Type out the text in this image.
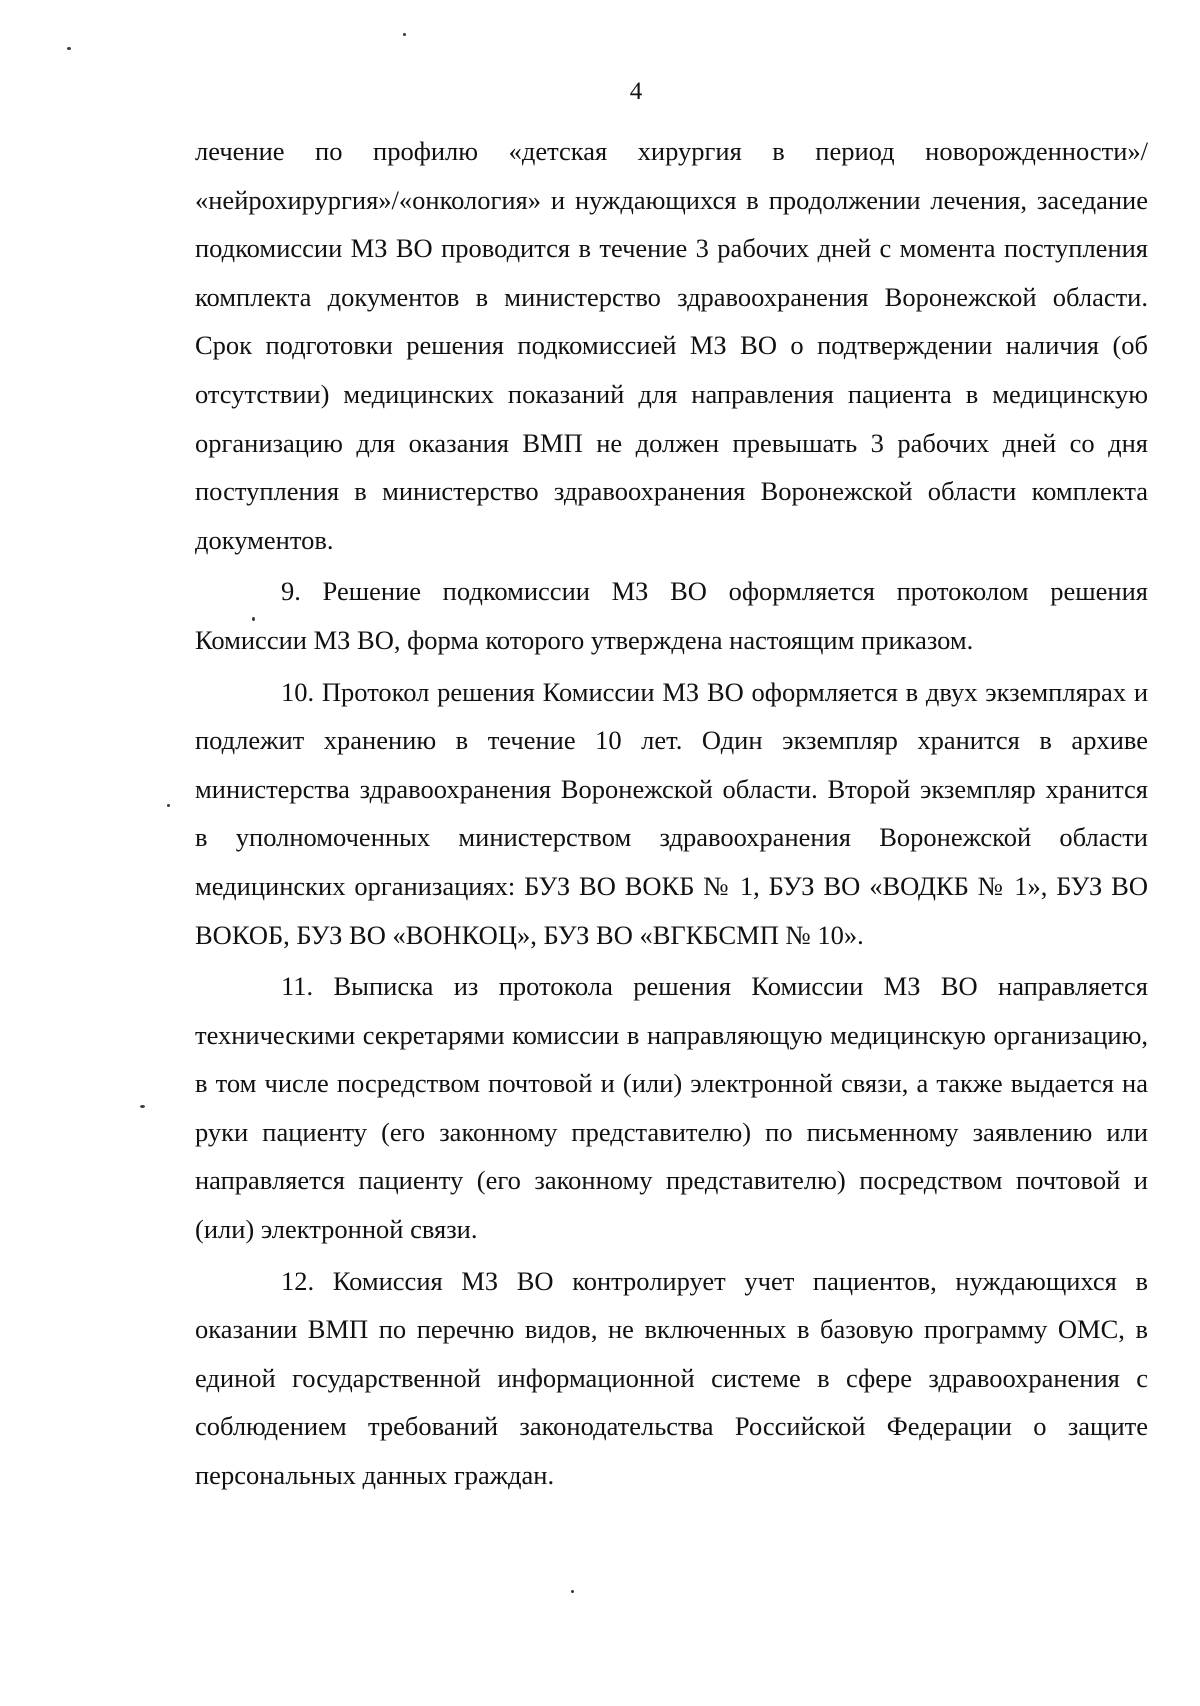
4

лечение по профилю «детская хирургия в период новорожденности»/ «нейрохирургия»/«онкология» и нуждающихся в продолжении лечения, заседание подкомиссии МЗ ВО проводится в течение 3 рабочих дней с момента поступления комплекта документов в министерство здравоохранения Воронежской области. Срок подготовки решения подкомиссией МЗ ВО о подтверждении наличия (об отсутствии) медицинских показаний для направления пациента в медицинскую организацию для оказания ВМП не должен превышать 3 рабочих дней со дня поступления в министерство здравоохранения Воронежской области комплекта документов.

9. Решение подкомиссии МЗ ВО оформляется протоколом решения Комиссии МЗ ВО, форма которого утверждена настоящим приказом.

10. Протокол решения Комиссии МЗ ВО оформляется в двух экземплярах и подлежит хранению в течение 10 лет. Один экземпляр хранится в архиве министерства здравоохранения Воронежской области. Второй экземпляр хранится в уполномоченных министерством здравоохранения Воронежской области медицинских организациях: БУЗ ВО ВОКБ № 1, БУЗ ВО «ВОДКБ № 1», БУЗ ВО ВОКОБ, БУЗ ВО «ВОНКОЦ», БУЗ ВО «ВГКБСМП № 10».

11. Выписка из протокола решения Комиссии МЗ ВО направляется техническими секретарями комиссии в направляющую медицинскую организацию, в том числе посредством почтовой и (или) электронной связи, а также выдается на руки пациенту (его законному представителю) по письменному заявлению или направляется пациенту (его законному представителю) посредством почтовой и (или) электронной связи.

12. Комиссия МЗ ВО контролирует учет пациентов, нуждающихся в оказании ВМП по перечню видов, не включенных в базовую программу ОМС, в единой государственной информационной системе в сфере здравоохранения с соблюдением требований законодательства Российской Федерации о защите персональных данных граждан.
